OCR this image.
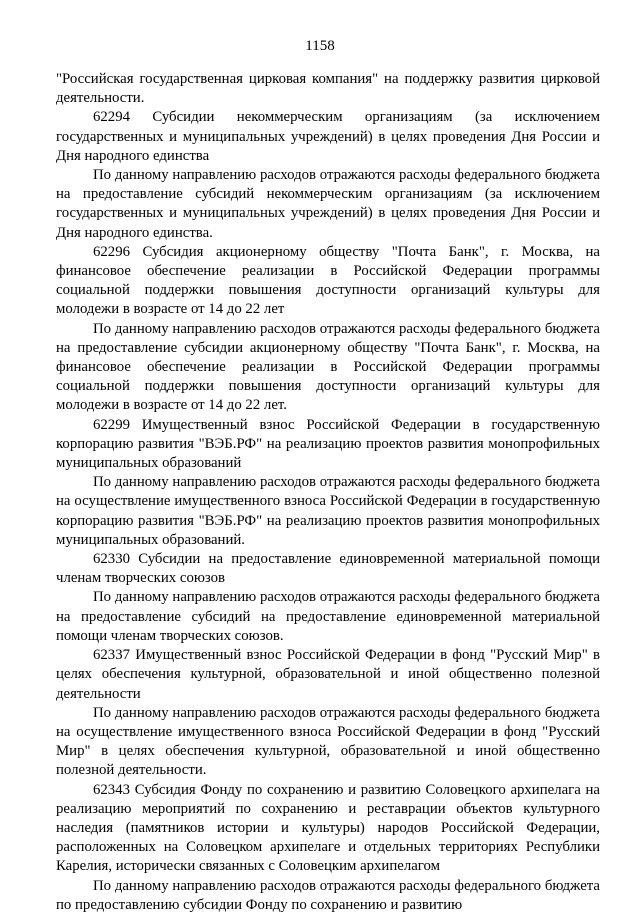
1158

"Российская государственная цирковая компания" на поддержку развития цирковой деятельности.

62294 Субсидии некоммерческим организациям (за исключением государственных и муниципальных учреждений) в целях проведения Дня России и Дня народного единства

По данному направлению расходов отражаются расходы федерального бюджета на предоставление субсидий некоммерческим организациям (за исключением государственных и муниципальных учреждений) в целях проведения Дня России и Дня народного единства.

62296 Субсидия акционерному обществу "Почта Банк", г. Москва, на финансовое обеспечение реализации в Российской Федерации программы социальной поддержки повышения доступности организаций культуры для молодежи в возрасте от 14 до 22 лет

По данному направлению расходов отражаются расходы федерального бюджета на предоставление субсидии акционерному обществу "Почта Банк", г. Москва, на финансовое обеспечение реализации в Российской Федерации программы социальной поддержки повышения доступности организаций культуры для молодежи в возрасте от 14 до 22 лет.

62299 Имущественный взнос Российской Федерации в государственную корпорацию развития "ВЭБ.РФ" на реализацию проектов развития монопрофильных муниципальных образований

По данному направлению расходов отражаются расходы федерального бюджета на осуществление имущественного взноса Российской Федерации в государственную корпорацию развития "ВЭБ.РФ" на реализацию проектов развития монопрофильных муниципальных образований.

62330 Субсидии на предоставление единовременной материальной помощи членам творческих союзов

По данному направлению расходов отражаются расходы федерального бюджета на предоставление субсидий на предоставление единовременной материальной помощи членам творческих союзов.

62337 Имущественный взнос Российской Федерации в фонд "Русский Мир" в целях обеспечения культурной, образовательной и иной общественно полезной деятельности

По данному направлению расходов отражаются расходы федерального бюджета на осуществление имущественного взноса Российской Федерации в фонд "Русский Мир" в целях обеспечения культурной, образовательной и иной общественно полезной деятельности.

62343 Субсидия Фонду по сохранению и развитию Соловецкого архипелага на реализацию мероприятий по сохранению и реставрации объектов культурного наследия (памятников истории и культуры) народов Российской Федерации, расположенных на Соловецком архипелаге и отдельных территориях Республики Карелия, исторически связанных с Соловецким архипелагом

По данному направлению расходов отражаются расходы федерального бюджета по предоставлению субсидии Фонду по сохранению и развитию
